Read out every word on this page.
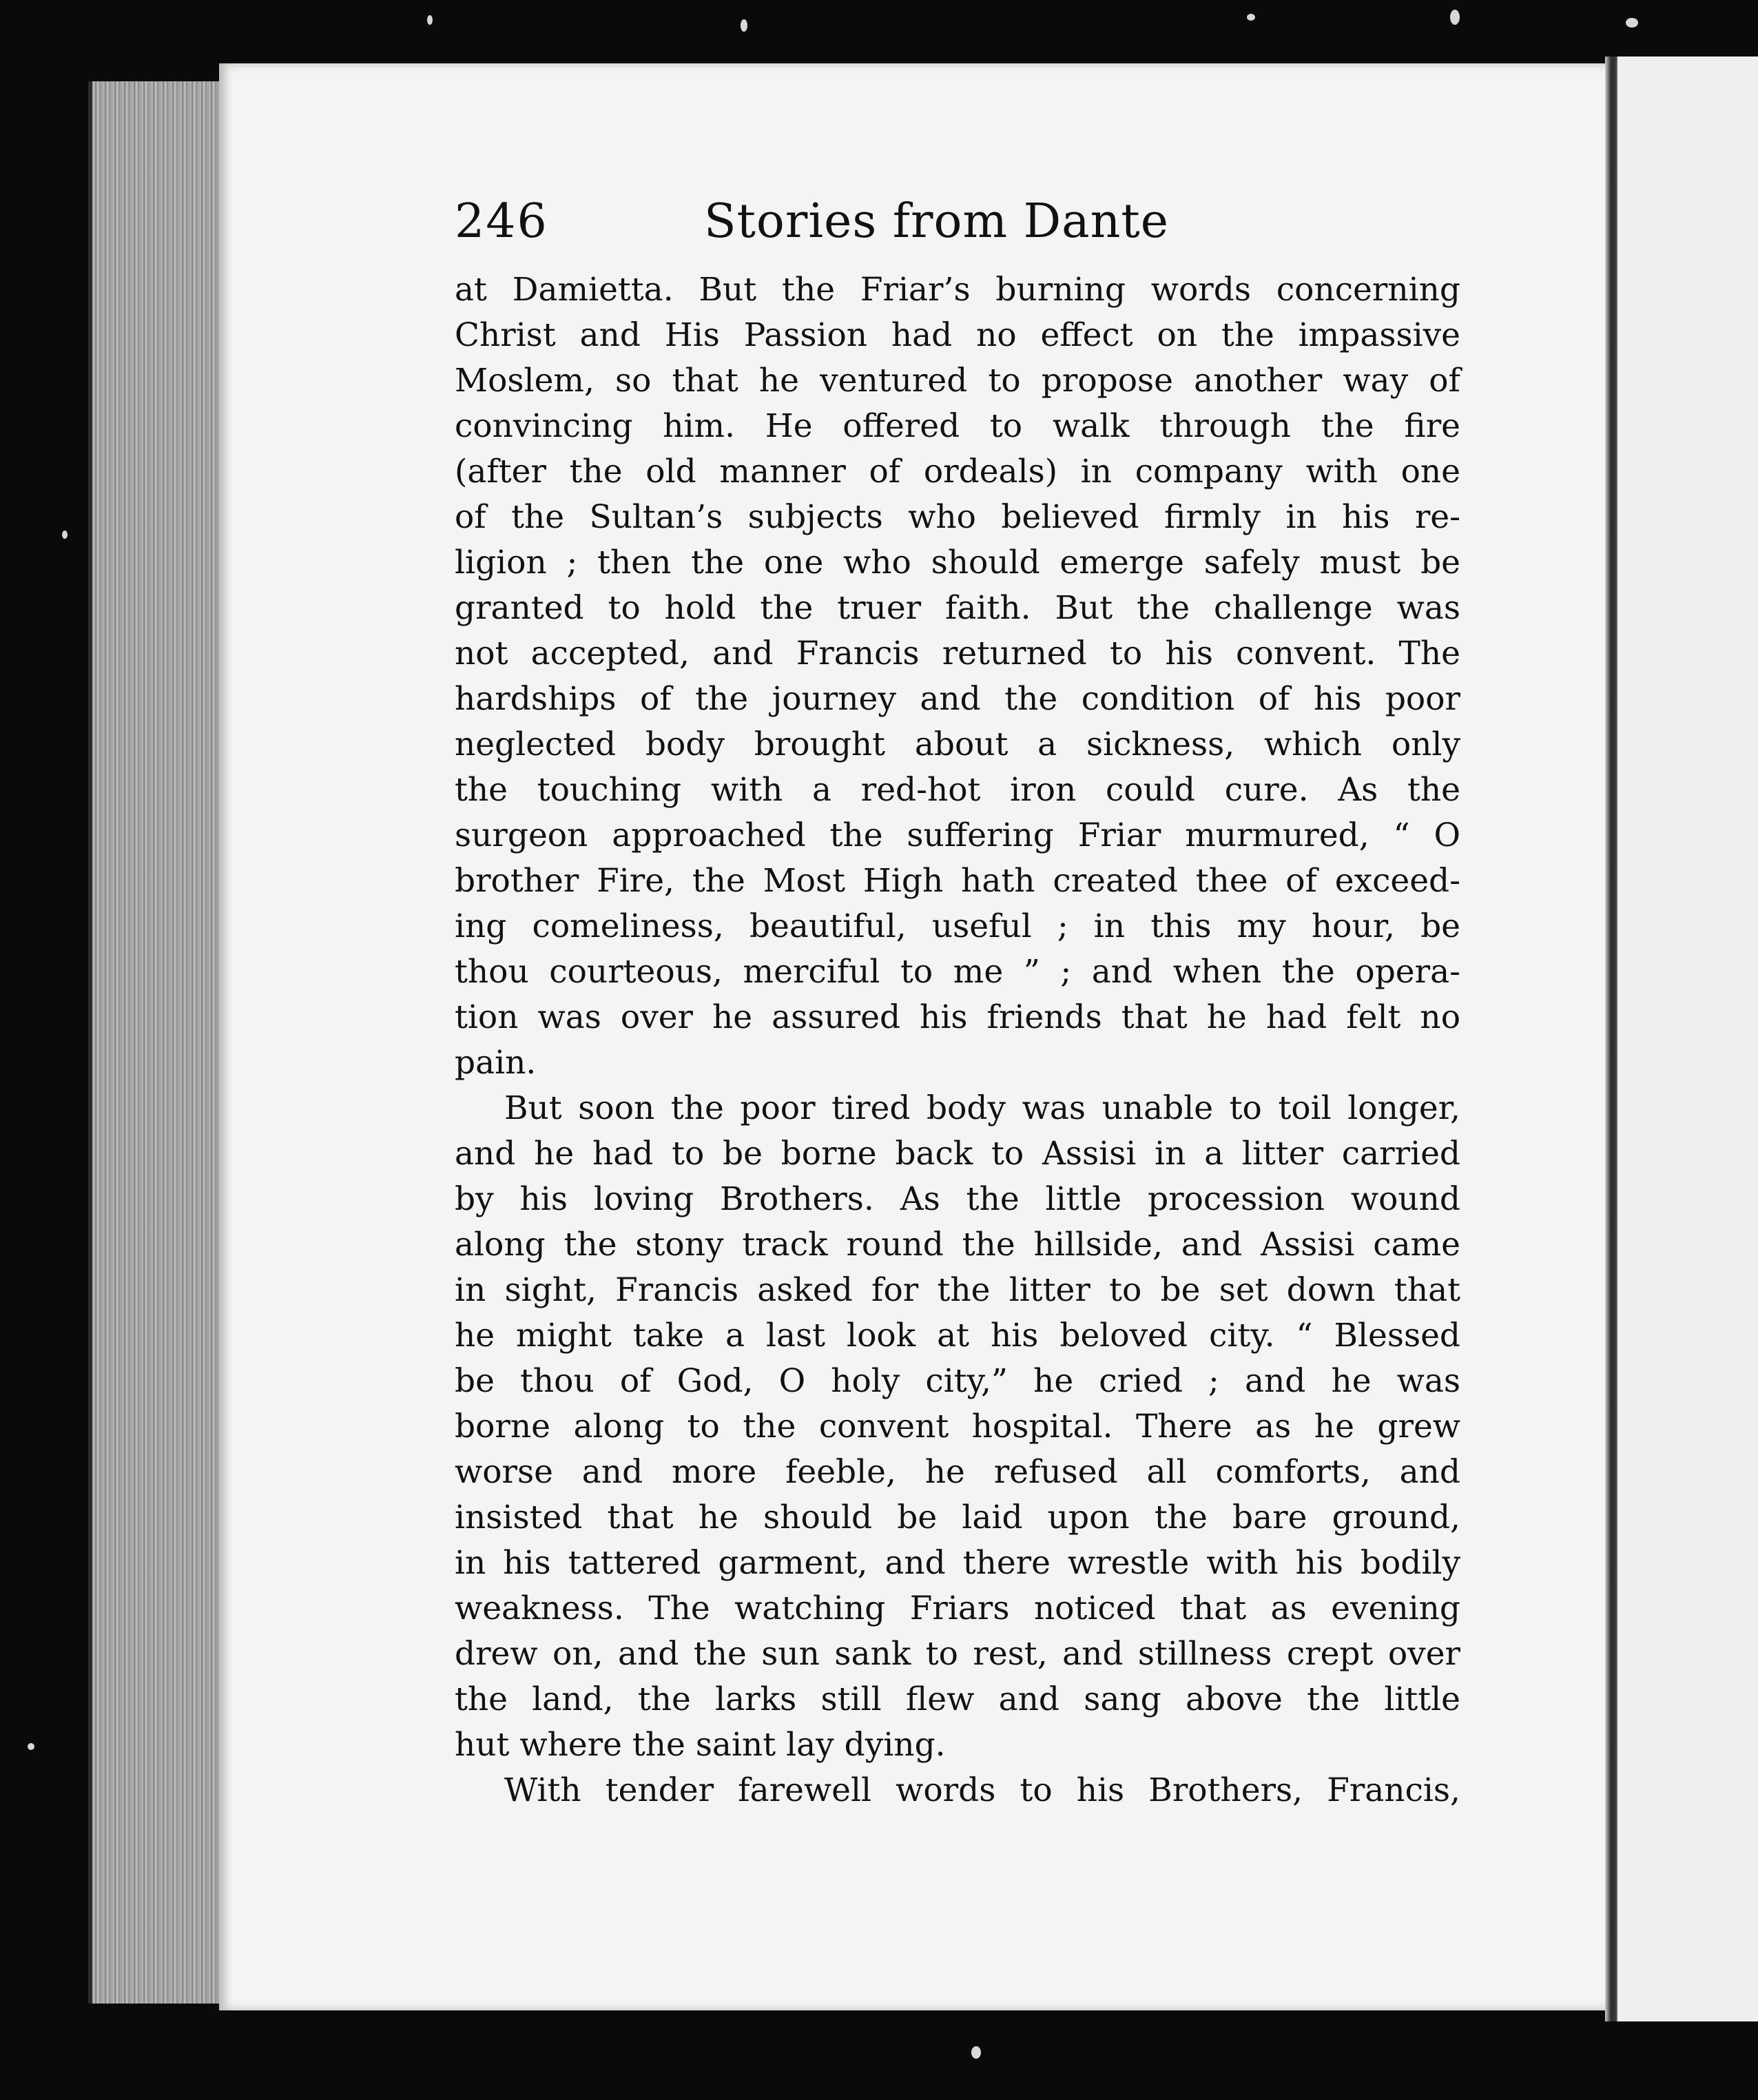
246	Stories from Dante
at Damietta. But the Friar’s burning words concerning
Christ and His Passion had no effect on the impassive
Moslem, so that he ventured to propose another way of
convincing him. He offered to walk through the fire
(after the old manner of ordeals) in company with one
of the Sultan’s subjects who believed firmly in his re-
ligion ; then the one who should emerge safely must be
granted to hold the truer faith. But the challenge was
not accepted, and Francis returned to his convent. The
hardships of the journey and the condition of his poor
neglected body brought about a sickness, which only
the touching with a red-hot iron could cure. As the
surgeon approached the suffering Friar murmured, “ O
brother Fire, the Most High hath created thee of exceed-
ing comeliness, beautiful, useful ; in this my hour, be
thou courteous, merciful to me ” ; and when the opera-
tion was over he assured his friends that he had felt no
pain.
But soon the poor tired body was unable to toil longer,
and he had to be borne back to Assisi in a litter carried
by his loving Brothers. As the little procession wound
along the stony track round the hillside, and Assisi came
in sight, Francis asked for the litter to be set down that
he might take a last look at his beloved city. “ Blessed
be thou of God, O holy city,” he cried ; and he was
borne along to the convent hospital. There as he grew
worse and more feeble, he refused all comforts, and
insisted that he should be laid upon the bare ground,
in his tattered garment, and there wrestle with his bodily
weakness. The watching Friars noticed that as evening
drew on, and the sun sank to rest, and stillness crept over
the land, the larks still flew and sang above the little
hut where the saint lay dying.
With tender farewell words to his Brothers, Francis,
